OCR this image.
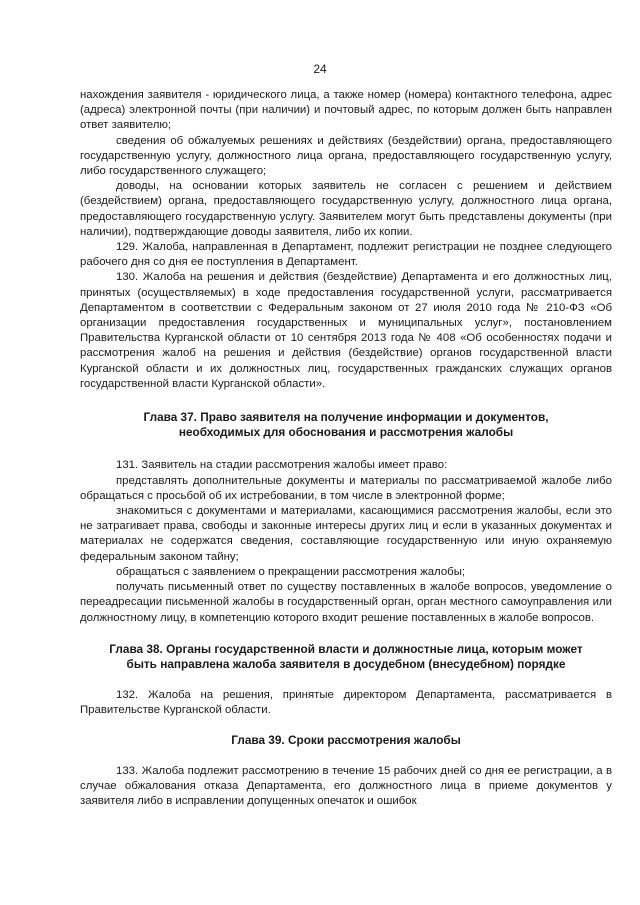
24

нахождения заявителя - юридического лица, а также номер (номера) контактного телефона, адрес (адреса) электронной почты (при наличии) и почтовый адрес, по которым должен быть направлен ответ заявителю;

сведения об обжалуемых решениях и действиях (бездействии) органа, предоставляющего государственную услугу, должностного лица органа, предоставляющего государственную услугу, либо государственного служащего;

доводы, на основании которых заявитель не согласен с решением и действием (бездействием) органа, предоставляющего государственную услугу, должностного лица органа, предоставляющего государственную услугу. Заявителем могут быть представлены документы (при наличии), подтверждающие доводы заявителя, либо их копии.

129. Жалоба, направленная в Департамент, подлежит регистрации не позднее следующего рабочего дня со дня ее поступления в Департамент.

130. Жалоба на решения и действия (бездействие) Департамента и его должностных лиц, принятых (осуществляемых) в ходе предоставления государственной услуги, рассматривается Департаментом в соответствии с Федеральным законом от 27 июля 2010 года № 210-ФЗ «Об организации предоставления государственных и муниципальных услуг», постановлением Правительства Курганской области от 10 сентября 2013 года № 408 «Об особенностях подачи и рассмотрения жалоб на решения и действия (бездействие) органов государственной власти Курганской области и их должностных лиц, государственных гражданских служащих органов государственной власти Курганской области».

Глава 37. Право заявителя на получение информации и документов,
необходимых для обоснования и рассмотрения жалобы

131. Заявитель на стадии рассмотрения жалобы имеет право:

представлять дополнительные документы и материалы по рассматриваемой жалобе либо обращаться с просьбой об их истребовании, в том числе в электронной форме;

знакомиться с документами и материалами, касающимися рассмотрения жалобы, если это не затрагивает права, свободы и законные интересы других лиц и если в указанных документах и материалах не содержатся сведения, составляющие государственную или иную охраняемую федеральным законом тайну;

обращаться с заявлением о прекращении рассмотрения жалобы;

получать письменный ответ по существу поставленных в жалобе вопросов, уведомление о переадресации письменной жалобы в государственный орган, орган местного самоуправления или должностному лицу, в компетенцию которого входит решение поставленных в жалобе вопросов.

Глава 38. Органы государственной власти и должностные лица, которым может
быть направлена жалоба заявителя в досудебном (внесудебном) порядке

132. Жалоба на решения, принятые директором Департамента, рассматривается в Правительстве Курганской области.

Глава 39. Сроки рассмотрения жалобы

133. Жалоба подлежит рассмотрению в течение 15 рабочих дней со дня ее регистрации, а в случае обжалования отказа Департамента, его должностного лица в приеме документов у заявителя либо в исправлении допущенных опечаток и ошибок
